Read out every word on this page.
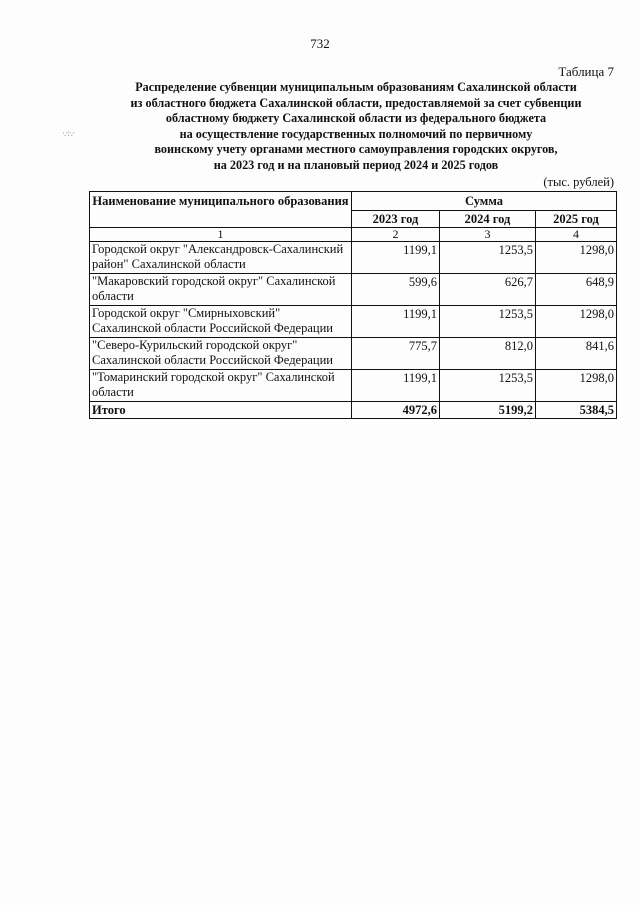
732
Таблица 7
Распределение субвенции муниципальным образованиям Сахалинской области
из областного бюджета Сахалинской области, предоставляемой за счет субвенции
областному бюджету Сахалинской области из федерального бюджета
на осуществление государственных полномочий по первичному
воинскому учету органами местного самоуправления городских округов,
на 2023 год и на плановый период 2024 и 2025 годов
·.·:·.·
(тыс. рублей)
Наименование муниципального образования	Сумма		
	2023 год	2024 год	2025 год
1	2	3	4
Городской округ "Александровск-Сахалинский район" Сахалинской области	1199,1	1253,5	1298,0
"Макаровский городской округ" Сахалинской области	599,6	626,7	648,9
Городской округ "Смирныховский" Сахалинской области Российской Федерации	1199,1	1253,5	1298,0
"Северо-Курильский городской округ" Сахалинской области Российской Федерации	775,7	812,0	841,6
"Томаринский городской округ" Сахалинской области	1199,1	1253,5	1298,0
Итого	4972,6	5199,2	5384,5
